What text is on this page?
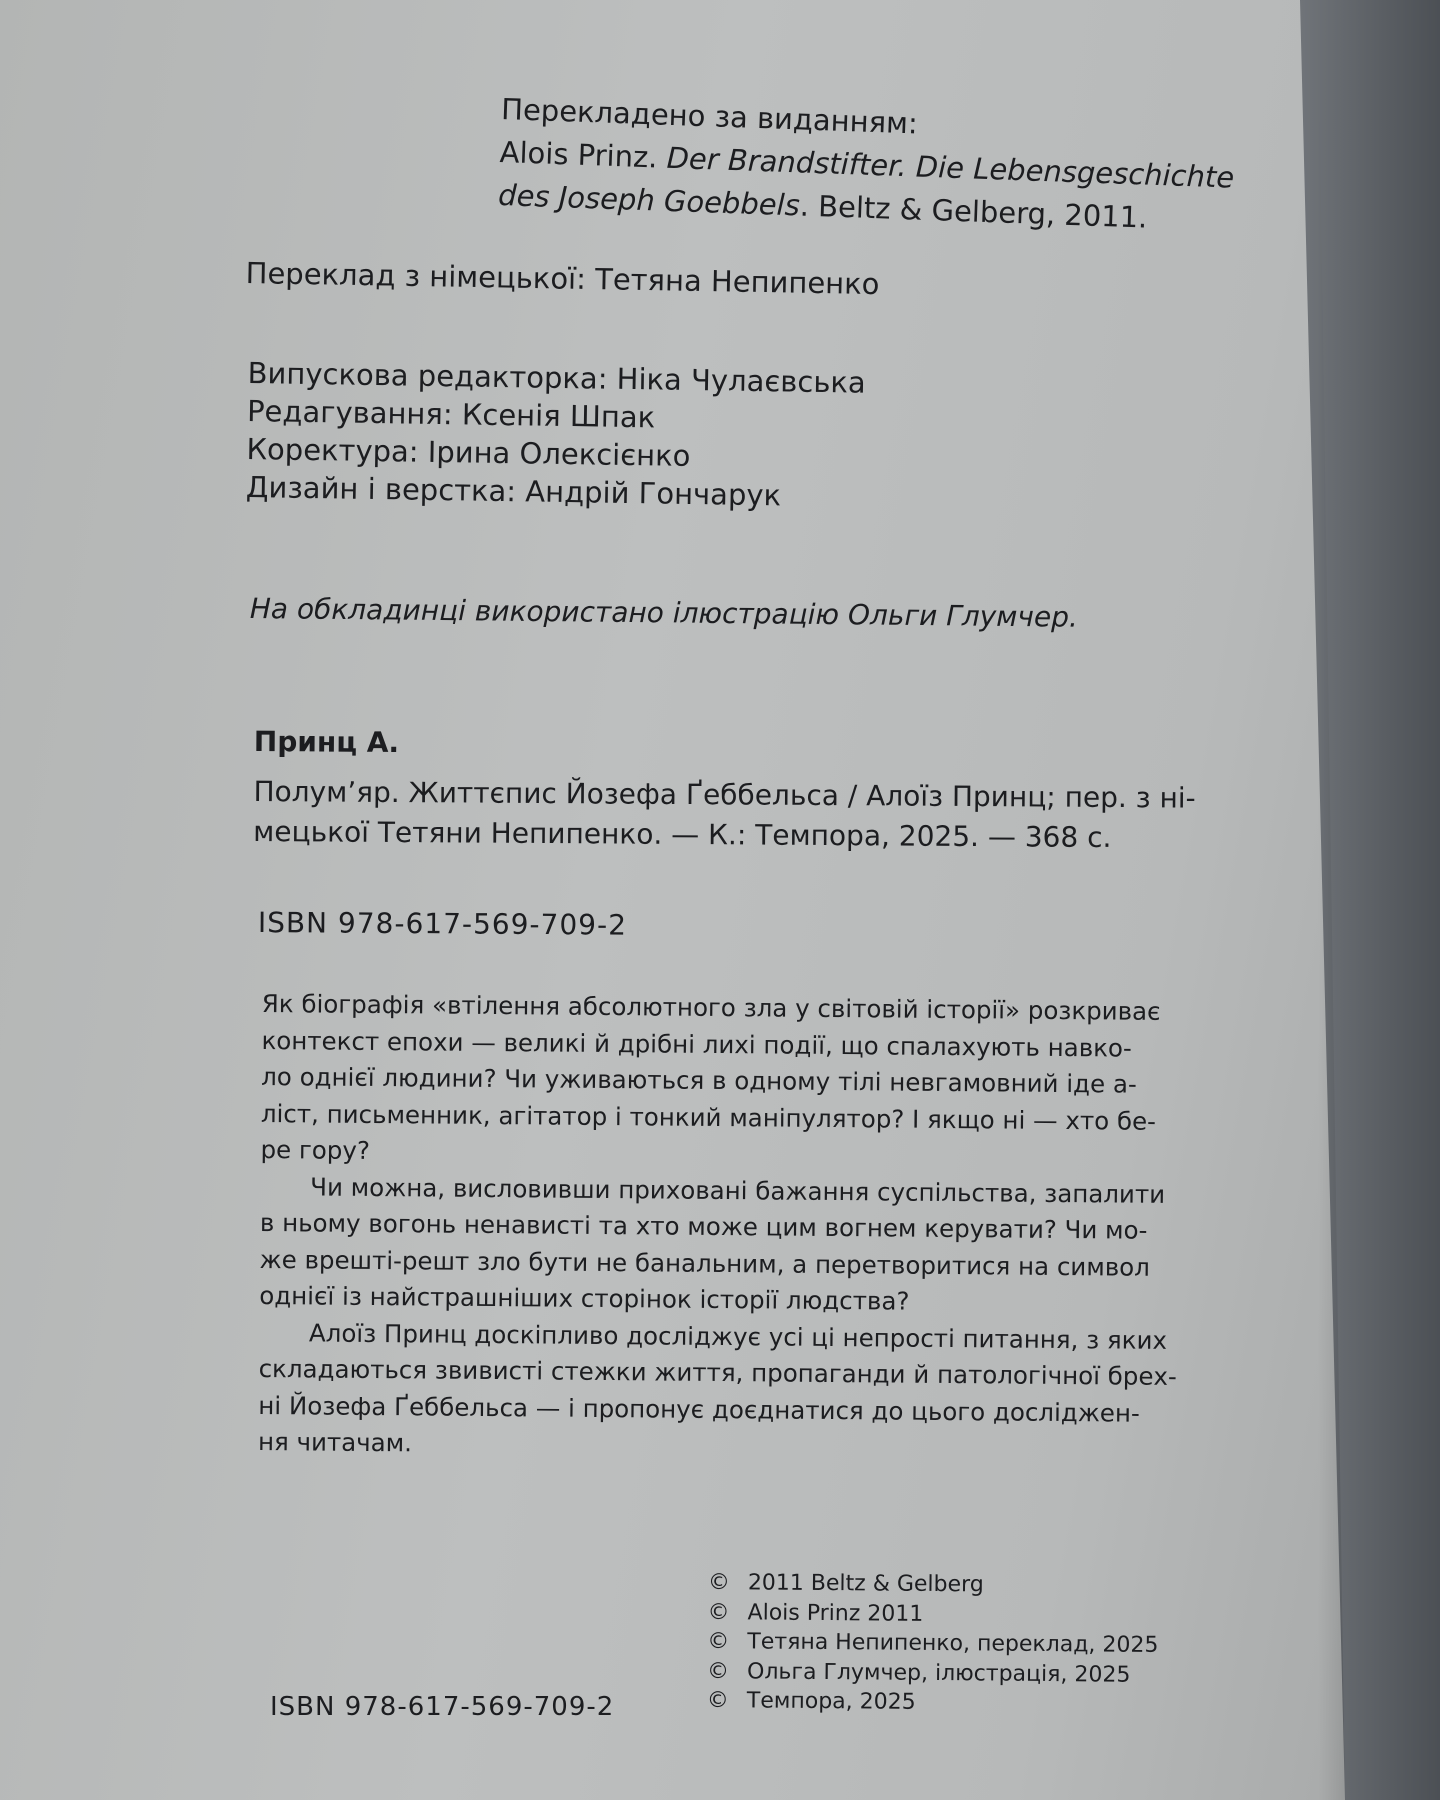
Перекладено за виданням:
Alois Prinz. Der Brandstifter. Die Lebensgeschichte
des Joseph Goebbels. Beltz & Gelberg, 2011.
Переклад з німецької: Тетяна Непипенко
Випускова редакторка: Ніка Чулаєвська
Редагування: Ксенія Шпак
Коректура: Ірина Олексієнко
Дизайн і верстка: Андрій Гончарук
На обкладинці використано ілюстрацію Ольги Глумчер.
Принц А.
Полум’яр. Життєпис Йозефа Ґеббельса / Алоїз Принц; пер. з ні-
мецької Тетяни Непипенко. — К.: Темпора, 2025. — 368 с.
ISBN 978-617-569-709-2
Як біографія «втілення абсолютного зла у світовій історії» розкриває
контекст епохи — великі й дрібні лихі події, що спалахують навко-
ло однієї людини? Чи уживаються в одному тілі невгамовний іде а-
ліст, письменник, агітатор і тонкий маніпулятор? І якщо ні — хто бе-
ре гору?
Чи можна, висловивши приховані бажання суспільства, запалити
в ньому вогонь ненависті та хто може цим вогнем керувати? Чи мо-
же врешті-решт зло бути не банальним, а перетворитися на символ
однієї із найстрашніших сторінок історії людства?
Алоїз Принц доскіпливо досліджує усі ці непрості питання, з яких
складаються звивисті стежки життя, пропаганди й патологічної брех-
ні Йозефа Ґеббельса — і пропонує доєднатися до цього досліджен-
ня читачам.
© 2011 Beltz & Gelberg
© Alois Prinz 2011
© Тетяна Непипенко, переклад, 2025
© Ольга Глумчер, ілюстрація, 2025
© Темпора, 2025
ISBN 978-617-569-709-2
